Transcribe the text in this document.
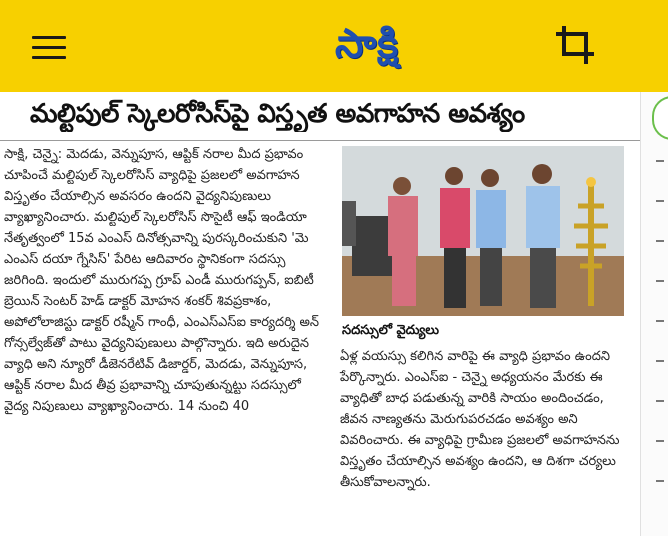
సాక్షి
మల్టిపుల్ స్కెలరోసిస్‌పై విస్తృత అవగాహన అవశ్యం

సాక్షి, చెన్నై: మెదడు, వెన్నుపూస, ఆప్టిక్ నరాల మీద ప్రభావం చూపించే మల్టిపుల్ స్కెలరోసిస్ వ్యాధిపై ప్రజలలో అవగాహన విస్తృతం చేయాల్సిన అవసరం ఉందని వైద్యనిపుణులు వ్యాఖ్యానించారు. మల్టిపుల్ స్కెలరోసిస్ సొసైటీ ఆఫ్ ఇండియా నేతృత్వంలో 15వ ఎంఎస్ దినోత్సవాన్ని పురస్కరించుకుని 'మె ఎంఎస్ దయా గ్నేసిస్' పేరిట ఆదివారం స్థానికంగా సదస్సు జరిగింది. ఇందులో మురుగప్ప గ్రూప్ ఎండీ మురుగప్పన్, ఐబిటీ బ్రెయిన్ సెంటర్ హెడ్ డాక్టర్ మోహన శంకర్ శివప్రకాశం, అపోలోలాజిస్టు డాక్టర్ రష్మీన్ గాంధీ, ఎంఎస్ఎస్ఐ కార్యదర్శి అన్ గోన్సల్వేజ్‌తో పాటు వైద్యనిపుణులు పాల్గొన్నారు. ఇది అరుదైన వ్యాధి అని న్యూరో డీజెనరేటివ్ డిజార్డర్, మెదడు, వెన్నుపూస, ఆప్టిక్ నరాల మీద తీవ్ర ప్రభావాన్ని చూపుతున్నట్టు సదస్సులో వైద్య నిపుణులు వ్యాఖ్యానించారు. 14 నుంచి 40

సదస్సులో వైద్యులు

ఏళ్ల వయస్సు కలిగిన వారిపై ఈ వ్యాధి ప్రభావం ఉందని పేర్కొన్నారు. ఎంఎస్ఐ - చెన్నై అధ్యయనం మేరకు ఈ వ్యాధితో బాధ పడుతున్న వారికి సాయం అందించడం, జీవన నాణ్యతను మెరుగుపరచడం అవశ్యం అని వివరించారు. ఈ వ్యాధిపై గ్రామీణ ప్రజలలో అవగాహనను విస్తృతం చేయాల్సిన అవశ్యం ఉందని, ఆ దిశగా చర్యలు తీసుకోవాలన్నారు.
